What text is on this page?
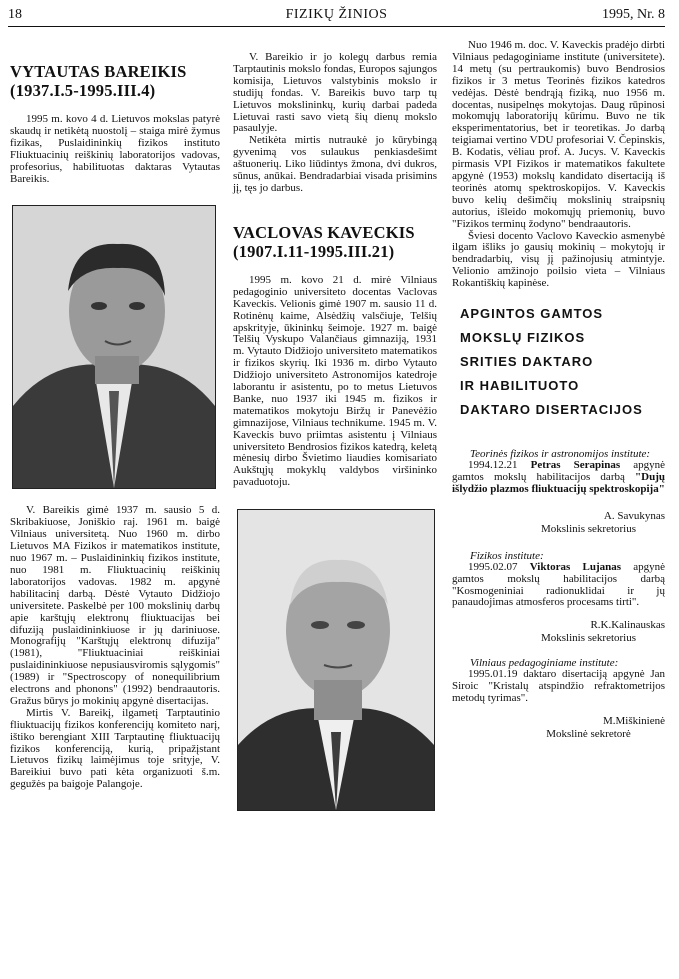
18	FIZIKŲ ŽINIOS	1995, Nr. 8
VYTAUTAS BAREIKIS
(1937.I.5-1995.III.4)

1995 m. kovo 4 d. Lietuvos mokslas patyrė skaudų ir netikėtą nuostolį – staiga mirė žymus fizikas, Puslaidininkių fizikos instituto Fliuktuacinių reiškinių laboratorijos vadovas, profesorius, habilituotas daktaras Vytautas Bareikis.

V. Bareikis gimė 1937 m. sausio 5 d. Skribakiuose, Joniškio raj. 1961 m. baigė Vilniaus universitetą. Nuo 1960 m. dirbo Lietuvos MA Fizikos ir matematikos institute, nuo 1967 m. – Puslaidininkių fizikos institute, nuo 1981 m. Fliuktuacinių reiškinių laboratorijos vadovas. 1982 m. apgynė habilitacinį darbą. Dėstė Vytauto Didžiojo universitete. Paskelbė per 100 mokslinių darbų apie karštųjų elektronų fliuktuacijas bei difuziją puslaidininkiuose ir jų dariniuose. Monografijų "Karštųjų elektronų difuzija" (1981), "Fliuktuaciniai reiškiniai puslaidininkiuose nepusiausviromis sąlygomis" (1989) ir "Spectroscopy of nonequilibrium electrons and phonons" (1992) bendraautoris. Gražus būrys jo mokinių apgynė disertacijas.

Mirtis V. Bareikį, ilgametį Tarptautinio fliuktuacijų fizikos konferencijų komiteto narį, ištiko berengiant XIII Tarptautinę fliuktuacijų fizikos konferenciją, kurią, pripažįstant Lietuvos fizikų laimėjimus toje srityje, V. Bareikiui buvo pati kėta organizuoti š.m. gegužės pa baigoje Palangoje.

V. Bareikio ir jo kolegų darbus remia Tarptautinis mokslo fondas, Europos sąjungos komisija, Lietuvos valstybinis mokslo ir studijų fondas. V. Bareikis buvo tarp tų Lietuvos mokslininkų, kurių darbai padeda Lietuvai rasti savo vietą šių dienų mokslo pasaulyje.

Netikėta mirtis nutraukė jo kūrybingą gyvenimą vos sulaukus penkiasdešimt aštuonerių. Liko liūdintys žmona, dvi dukros, sūnus, anūkai. Bendradarbiai visada prisimins jį, tęs jo darbus.

VACLOVAS KAVECKIS
(1907.I.11-1995.III.21)

1995 m. kovo 21 d. mirė Vilniaus pedagoginio universiteto docentas Vaclovas Kaveckis. Velionis gimė 1907 m. sausio 11 d. Rotinėnų kaime, Alsėdžių valsčiuje, Telšių apskrityje, ūkininkų šeimoje. 1927 m. baigė Telšių Vyskupo Valančiaus gimnaziją, 1931 m. Vytauto Didžiojo universiteto matematikos ir fizikos skyrių. Iki 1936 m. dirbo Vytauto Didžiojo universiteto Astronomijos katedroje laborantu ir asistentu, po to metus Lietuvos Banke, nuo 1937 iki 1945 m. fizikos ir matematikos mokytoju Biržų ir Panevėžio gimnazijose, Vilniaus technikume. 1945 m. V. Kaveckis buvo priimtas asistentu į Vilniaus universiteto Bendrosios fizikos katedrą, keletą mėnesių dirbo Švietimo liaudies komisariato Aukštųjų mokyklų valdybos viršininko pavaduotoju.

Nuo 1946 m. doc. V. Kaveckis pradėjo dirbti Vilniaus pedagoginiame institute (universitete). 14 metų (su pertraukomis) buvo Bendrosios fizikos ir 3 metus Teorinės fizikos katedros vedėjas. Dėstė bendrąją fiziką, nuo 1956 m. docentas, nusipelnęs mokytojas. Daug rūpinosi mokomųjų laboratorijų kūrimu. Buvo ne tik eksperimentatorius, bet ir teoretikas. Jo darbą teigiamai vertino VDU profesoriai V. Čepinskis, B. Kodatis, vėliau prof. A. Jucys. V. Kaveckis pirmasis VPI Fizikos ir matematikos fakultete apgynė (1953) mokslų kandidato disertaciją iš teorinės atomų spektroskopijos. V. Kaveckis buvo kelių dešimčių mokslinių straipsnių autorius, išleido mokomųjų priemonių, buvo "Fizikos terminų žodyno" bendraautoris.

Šviesi docento Vaclovo Kaveckio asmenybė ilgam išliks jo gausių mokinių – mokytojų ir bendradarbių, visų jį pažinojusių atmintyje. Velionio amžinojo poilsio vieta – Vilniaus Rokantiškių kapinėse.

APGINTOS GAMTOS

MOKSLŲ FIZIKOS

SRITIES DAKTARO

IR HABILITUOTO

DAKTARO DISERTACIJOS

Teorinės fizikos ir astronomijos institute:

1994.12.21 Petras Serapinas apgynė gamtos mokslų habilitacijos darbą "Dujų išlydžio plazmos fliuktuacijų spektroskopija"

A. Savukynas

Mokslinis sekretorius

Fizikos institute:

1995.02.07 Viktoras Lujanas apgynė gamtos mokslų habilitacijos darbą "Kosmogeniniai radionuklidai ir jų panaudojimas atmosferos procesams tirti".

R.K.Kalinauskas

Mokslinis sekretorius

Vilniaus pedagoginiame institute:

1995.01.19 daktaro disertaciją apgynė Jan Siroic "Kristalų atspindžio refraktometrijos metodų tyrimas".

M.Miškinienė

Mokslinė sekretorė
